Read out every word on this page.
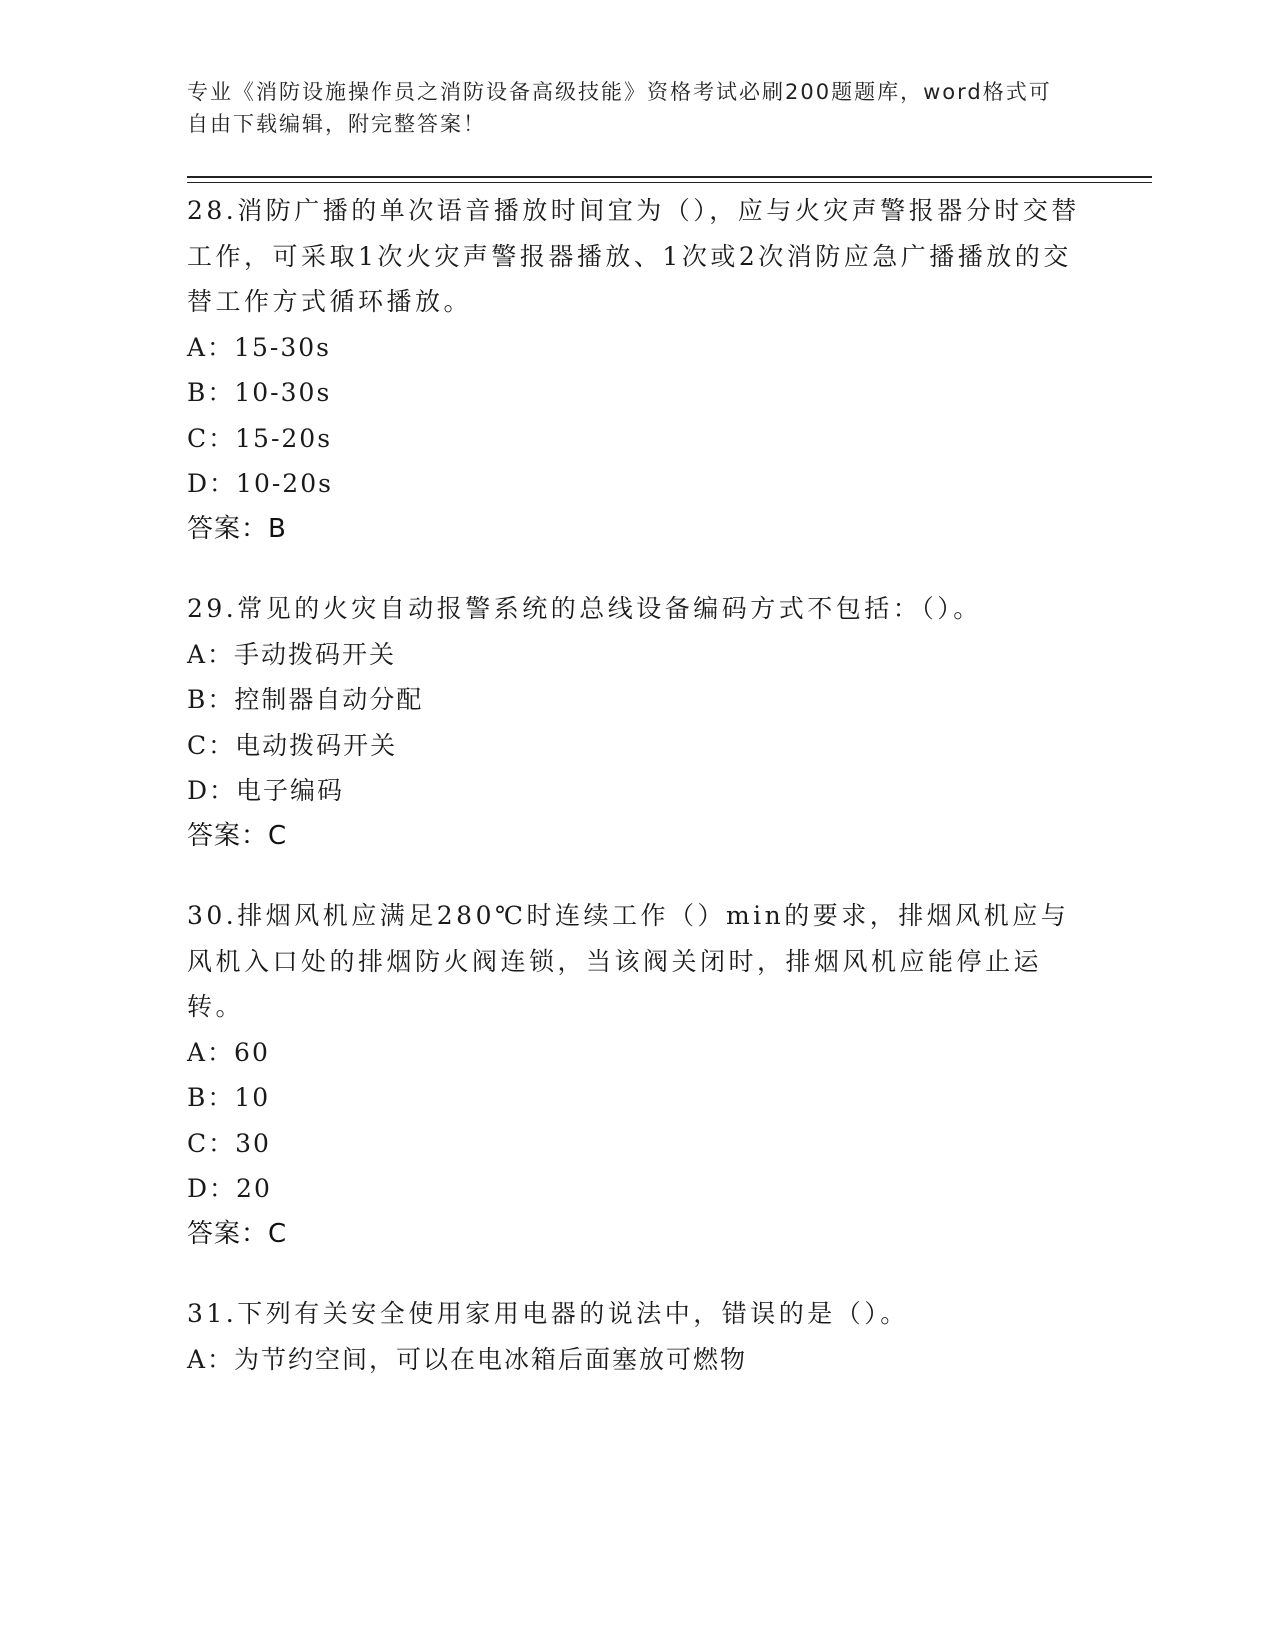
专业《消防设施操作员之消防设备高级技能》资格考试必刷200题题库，word格式可自由下载编辑，附完整答案！

28.消防广播的单次语音播放时间宜为（），应与火灾声警报器分时交替工作，可采取1次火灾声警报器播放、1次或2次消防应急广播播放的交替工作方式循环播放。

A：15-30s

B：10-30s

C：15-20s

D：10-20s

答案：B

29.常见的火灾自动报警系统的总线设备编码方式不包括：（）。

A：手动拨码开关

B：控制器自动分配

C：电动拨码开关

D：电子编码

答案：C

30.排烟风机应满足280℃时连续工作（）min的要求，排烟风机应与风机入口处的排烟防火阀连锁，当该阀关闭时，排烟风机应能停止运转。

A：60

B：10

C：30

D：20

答案：C

31.下列有关安全使用家用电器的说法中，错误的是（）。

A：为节约空间，可以在电冰箱后面塞放可燃物
